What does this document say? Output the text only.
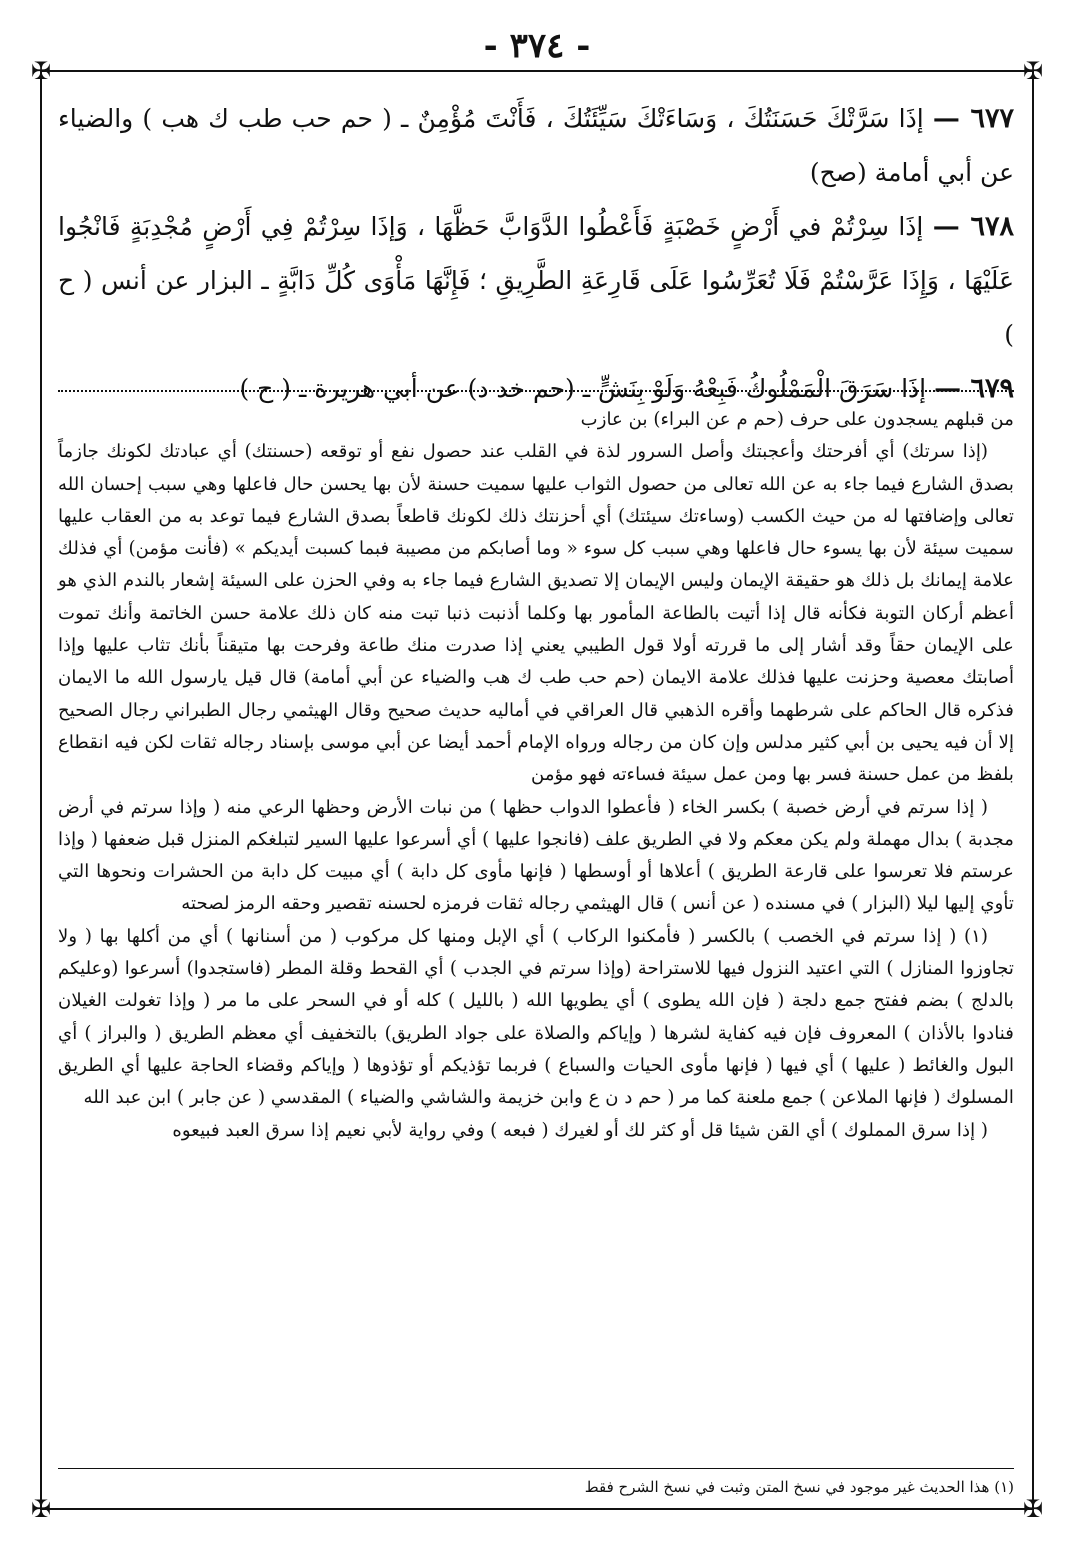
- ٣٧٤ -
✠	✠
✠	✠

٦٧٧ — إذَا سَرَّتْكَ حَسَنَتُكَ ، وَسَاءَتْكَ سَيِّئَتُكَ ، فَأَنْتَ مُؤْمِنٌ ـ ( حم حب طب ك هب ) والضياء عن أبي أمامة (صح)

٦٧٨ — إذَا سِرْتُمْ في أَرْضٍ خَصْبَةٍ فَأَعْطُوا الدَّوَابَّ حَظَّهَا ، وَإذَا سِرْتُمْ فِي أَرْضٍ مُجْدِبَةٍ فَانْجُوا عَلَيْهَا ، وَإِذَا عَرَّسْتُمْ فَلَا تُعَرِّسُوا عَلَى قَارِعَةِ الطَّرِيقِ ؛ فَإِنَّهَا مَأْوَى كُلِّ دَابَّةٍ ـ البزار عن أنس ( ح )

٦٧٩ — إذَا سَرَقَ الْمَمْلُوكُ فَبِعْهُ وَلَوْ بِنَشٍّ ـ (حم خد د) عن أبي هريرة ـ ( ح )

من قبلهم يسجدون على حرف (حم م عن البراء) بن عازب

(إذا سرتك) أي أفرحتك وأعجبتك وأصل السرور لذة في القلب عند حصول نفع أو توقعه (حسنتك) أي عبادتك لكونك جازماً بصدق الشارع فيما جاء به عن الله تعالى من حصول الثواب عليها سميت حسنة لأن بها يحسن حال فاعلها وهي سبب إحسان الله تعالى وإضافتها له من حيث الكسب (وساءتك سيئتك) أي أحزنتك ذلك لكونك قاطعاً بصدق الشارع فيما توعد به من العقاب عليها سميت سيئة لأن بها يسوء حال فاعلها وهي سبب كل سوء « وما أصابكم من مصيبة فبما كسبت أيديكم » (فأنت مؤمن) أي فذلك علامة إيمانك بل ذلك هو حقيقة الإيمان وليس الإيمان إلا تصديق الشارع فيما جاء به وفي الحزن على السيئة إشعار بالندم الذي هو أعظم أركان التوبة فكأنه قال إذا أتيت بالطاعة المأمور بها وكلما أذنبت ذنبا تبت منه كان ذلك علامة حسن الخاتمة وأنك تموت على الإيمان حقاً وقد أشار إلى ما قررته أولا قول الطيبي يعني إذا صدرت منك طاعة وفرحت بها متيقناً بأنك تثاب عليها وإذا أصابتك معصية وحزنت عليها فذلك علامة الايمان (حم حب طب ك هب والضياء عن أبي أمامة) قال قيل يارسول الله ما الايمان فذكره قال الحاكم على شرطهما وأقره الذهبي قال العراقي في أماليه حديث صحيح وقال الهيثمي رجال الطبراني رجال الصحيح إلا أن فيه يحيى بن أبي كثير مدلس وإن كان من رجاله ورواه الإمام أحمد أيضا عن أبي موسى بإسناد رجاله ثقات لكن فيه انقطاع بلفظ من عمل حسنة فسر بها ومن عمل سيئة فساءته فهو مؤمن

( إذا سرتم في أرض خصبة ) بكسر الخاء ( فأعطوا الدواب حظها ) من نبات الأرض وحظها الرعي منه ( وإذا سرتم في أرض مجدبة ) بدال مهملة ولم يكن معكم ولا في الطريق علف (فانجوا عليها ) أي أسرعوا عليها السير لتبلغكم المنزل قبل ضعفها ( وإذا عرستم فلا تعرسوا على قارعة الطريق ) أعلاها أو أوسطها ( فإنها مأوى كل دابة ) أي مبيت كل دابة من الحشرات ونحوها التي تأوي إليها ليلا (البزار ) في مسنده ( عن أنس ) قال الهيثمي رجاله ثقات فرمزه لحسنه تقصير وحقه الرمز لصحته

(١) ( إذا سرتم في الخصب ) بالكسر ( فأمكنوا الركاب ) أي الإبل ومنها كل مركوب ( من أسنانها ) أي من أكلها بها ( ولا تجاوزوا المنازل ) التي اعتيد النزول فيها للاستراحة (وإذا سرتم في الجدب ) أي القحط وقلة المطر (فاستجدوا) أسرعوا (وعليكم بالدلج ) بضم ففتح جمع دلجة ( فإن الله يطوى ) أي يطويها الله ( بالليل ) كله أو في السحر على ما مر ( وإذا تغولت الغيلان فنادوا بالأذان ) المعروف فإن فيه كفاية لشرها ( وإياكم والصلاة على جواد الطريق) بالتخفيف أي معظم الطريق ( والبراز ) أي البول والغائط ( عليها ) أي فيها ( فإنها مأوى الحيات والسباع ) فربما تؤذيكم أو تؤذوها ( وإياكم وقضاء الحاجة عليها أي الطريق المسلوك ( فإنها الملاعن ) جمع ملعنة كما مر ( حم د ن ع وابن خزيمة والشاشي والضياء ) المقدسي ( عن جابر ) ابن عبد الله

( إذا سرق المملوك ) أي القن شيئا قل أو كثر لك أو لغيرك ( فبعه ) وفي رواية لأبي نعيم إذا سرق العبد فبيعوه

(١) هذا الحديث غير موجود في نسخ المتن وثبت في نسخ الشرح فقط
